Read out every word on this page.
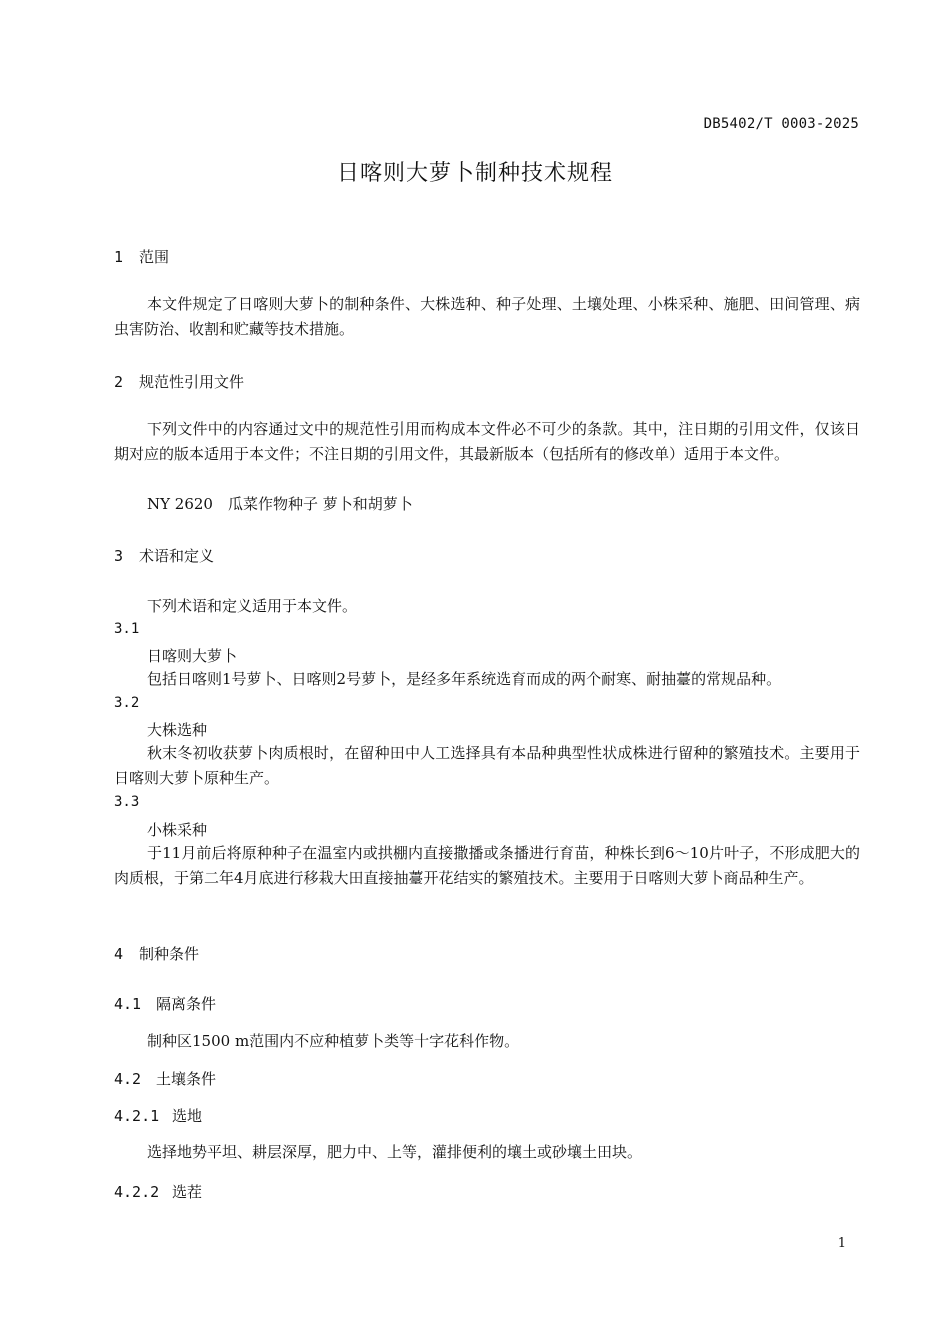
DB5402/T 0003-2025
日喀则大萝卜制种技术规程
1 范围
本文件规定了日喀则大萝卜的制种条件、大株选种、种子处理、土壤处理、小株采种、施肥、田间管理、病虫害防治、收割和贮藏等技术措施。
2 规范性引用文件
下列文件中的内容通过文中的规范性引用而构成本文件必不可少的条款。其中，注日期的引用文件，仅该日期对应的版本适用于本文件；不注日期的引用文件，其最新版本（包括所有的修改单）适用于本文件。
NY 2620　瓜菜作物种子 萝卜和胡萝卜
3 术语和定义
下列术语和定义适用于本文件。
3.1
日喀则大萝卜
包括日喀则1号萝卜、日喀则2号萝卜，是经多年系统选育而成的两个耐寒、耐抽薹的常规品种。
3.2
大株选种
秋末冬初收获萝卜肉质根时，在留种田中人工选择具有本品种典型性状成株进行留种的繁殖技术。主要用于日喀则大萝卜原种生产。
3.3
小株采种
于11月前后将原种种子在温室内或拱棚内直接撒播或条播进行育苗，种株长到6～10片叶子，不形成肥大的肉质根，于第二年4月底进行移栽大田直接抽薹开花结实的繁殖技术。主要用于日喀则大萝卜商品种生产。
4 制种条件
4.1 隔离条件
制种区1500 m范围内不应种植萝卜类等十字花科作物。
4.2 土壤条件
4.2.1 选地
选择地势平坦、耕层深厚，肥力中、上等，灌排便利的壤土或砂壤土田块。
4.2.2 选茬
1
